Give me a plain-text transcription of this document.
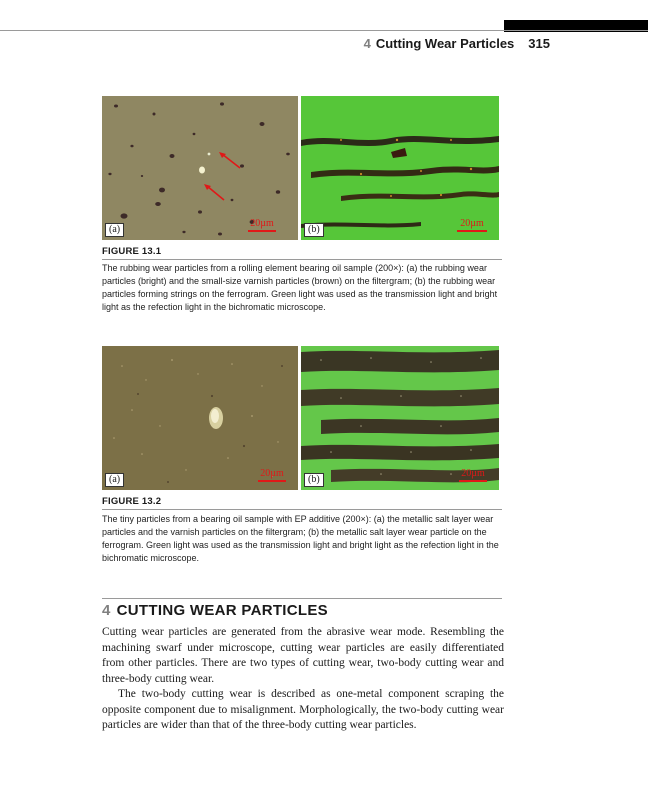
4 Cutting Wear Particles 315
(a)
20µm
(b)
20µm
FIGURE 13.1
The rubbing wear particles from a rolling element bearing oil sample (200×): (a) the rubbing wear particles (bright) and the small-size varnish particles (brown) on the filtergram; (b) the rubbing wear particles forming strings on the ferrogram. Green light was used as the transmission light and bright light as the refection light in the bichromatic microscope.
(a)
20µm
(b)
20µm
FIGURE 13.2
The tiny particles from a bearing oil sample with EP additive (200×): (a) the metallic salt layer wear particles and the varnish particles on the filtergram; (b) the metallic salt layer wear particle on the ferrogram. Green light was used as the transmission light and bright light as the refection light in the bichromatic microscope.
4 CUTTING WEAR PARTICLES

Cutting wear particles are generated from the abrasive wear mode. Resembling the machining swarf under microscope, cutting wear particles are easily differentiated from other particles. There are two types of cutting wear, two-body cutting wear and three-body cutting wear.

The two-body cutting wear is described as one-metal component scraping the opposite component due to misalignment. Morphologically, the two-body cutting wear particles are wider than that of the three-body cutting wear particles.
